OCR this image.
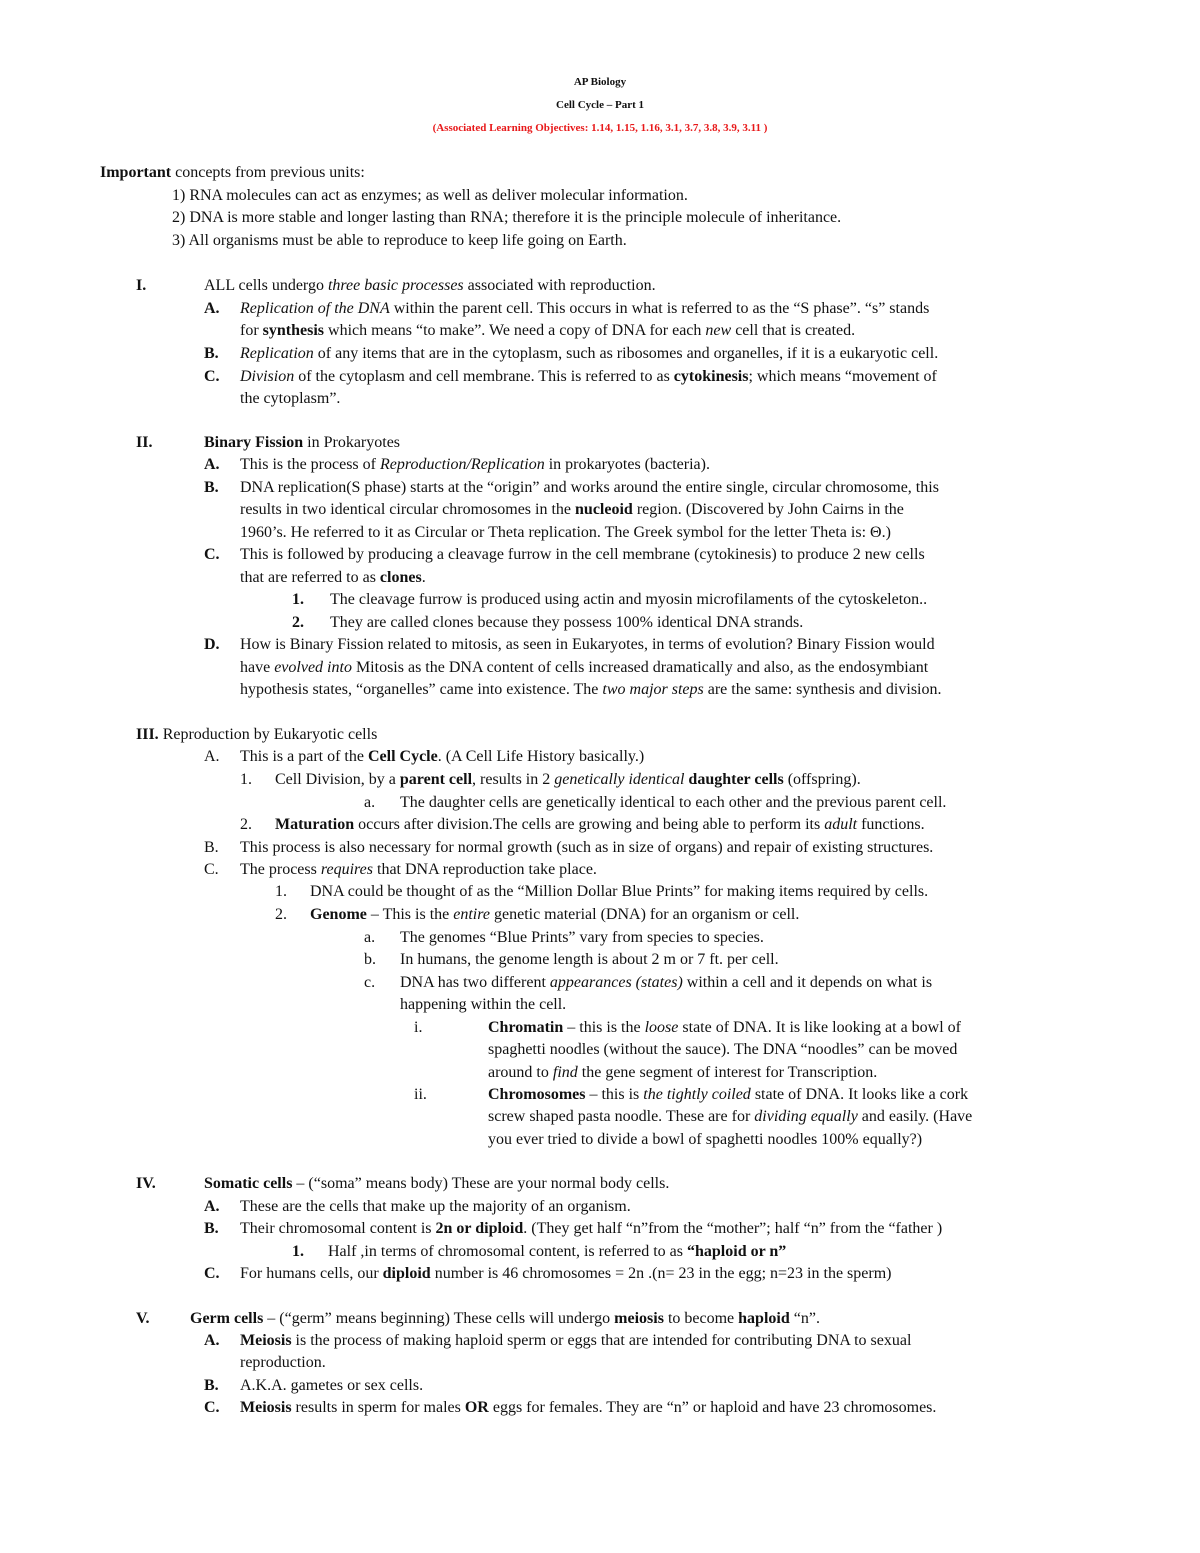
AP Biology
Cell Cycle – Part 1
(Associated Learning Objectives: 1.14, 1.15, 1.16, 3.1, 3.7, 3.8, 3.9, 3.11 )
Important concepts from previous units:
1) RNA molecules can act as enzymes; as well as deliver molecular information.
2) DNA is more stable and longer lasting than RNA; therefore it is the principle molecule of inheritance.
3) All organisms must be able to reproduce to keep life going on Earth.
I.	ALL cells undergo three basic processes associated with reproduction.
A. Replication of the DNA within the parent cell. This occurs in what is referred to as the “S phase”. “s” stands
for synthesis which means “to make”. We need a copy of DNA for each new cell that is created.
B. Replication of any items that are in the cytoplasm, such as ribosomes and organelles, if it is a eukaryotic cell.
C. Division of the cytoplasm and cell membrane. This is referred to as cytokinesis; which means “movement of
the cytoplasm”.
II.	Binary Fission in Prokaryotes
A. This is the process of Reproduction/Replication in prokaryotes (bacteria).
B. DNA replication(S phase) starts at the “origin” and works around the entire single, circular chromosome, this
results in two identical circular chromosomes in the nucleoid region. (Discovered by John Cairns in the
1960’s. He referred to it as Circular or Theta replication. The Greek symbol for the letter Theta is: Θ.)
C. This is followed by producing a cleavage furrow in the cell membrane (cytokinesis) to produce 2 new cells
that are referred to as clones.
1. The cleavage furrow is produced using actin and myosin microfilaments of the cytoskeleton..
2. They are called clones because they possess 100% identical DNA strands.
D. How is Binary Fission related to mitosis, as seen in Eukaryotes, in terms of evolution? Binary Fission would
have evolved into Mitosis as the DNA content of cells increased dramatically and also, as the endosymbiant
hypothesis states, “organelles” came into existence. The two major steps are the same: synthesis and division.
III. Reproduction by Eukaryotic cells
A. This is a part of the Cell Cycle. (A Cell Life History basically.)
1. Cell Division, by a parent cell, results in 2 genetically identical daughter cells (offspring).
a. The daughter cells are genetically identical to each other and the previous parent cell.
2. Maturation occurs after division.The cells are growing and being able to perform its adult functions.
B. This process is also necessary for normal growth (such as in size of organs) and repair of existing structures.
C. The process requires that DNA reproduction take place.
1. DNA could be thought of as the “Million Dollar Blue Prints” for making items required by cells.
2. Genome – This is the entire genetic material (DNA) for an organism or cell.
a. The genomes “Blue Prints” vary from species to species.
b. In humans, the genome length is about 2 m or 7 ft. per cell.
c. DNA has two different appearances (states) within a cell and it depends on what is
happening within the cell.
i.	Chromatin – this is the loose state of DNA. It is like looking at a bowl of
spaghetti noodles (without the sauce). The DNA “noodles” can be moved
around to find the gene segment of interest for Transcription.
ii.	Chromosomes – this is the tightly coiled state of DNA. It looks like a cork
screw shaped pasta noodle. These are for dividing equally and easily. (Have
you ever tried to divide a bowl of spaghetti noodles 100% equally?)
IV.	Somatic cells – (“soma” means body) These are your normal body cells.
A. These are the cells that make up the majority of an organism.
B. Their chromosomal content is 2n or diploid. (They get half “n”from the “mother”; half “n” from the “father )
1. Half ,in terms of chromosomal content, is referred to as “haploid or n”
C. For humans cells, our diploid number is 46 chromosomes = 2n .(n= 23 in the egg; n=23 in the sperm)
V.	Germ cells – (“germ” means beginning) These cells will undergo meiosis to become haploid “n”.
A. Meiosis is the process of making haploid sperm or eggs that are intended for contributing DNA to sexual
reproduction.
B. A.K.A. gametes or sex cells.
C. Meiosis results in sperm for males OR eggs for females. They are “n” or haploid and have 23 chromosomes.
